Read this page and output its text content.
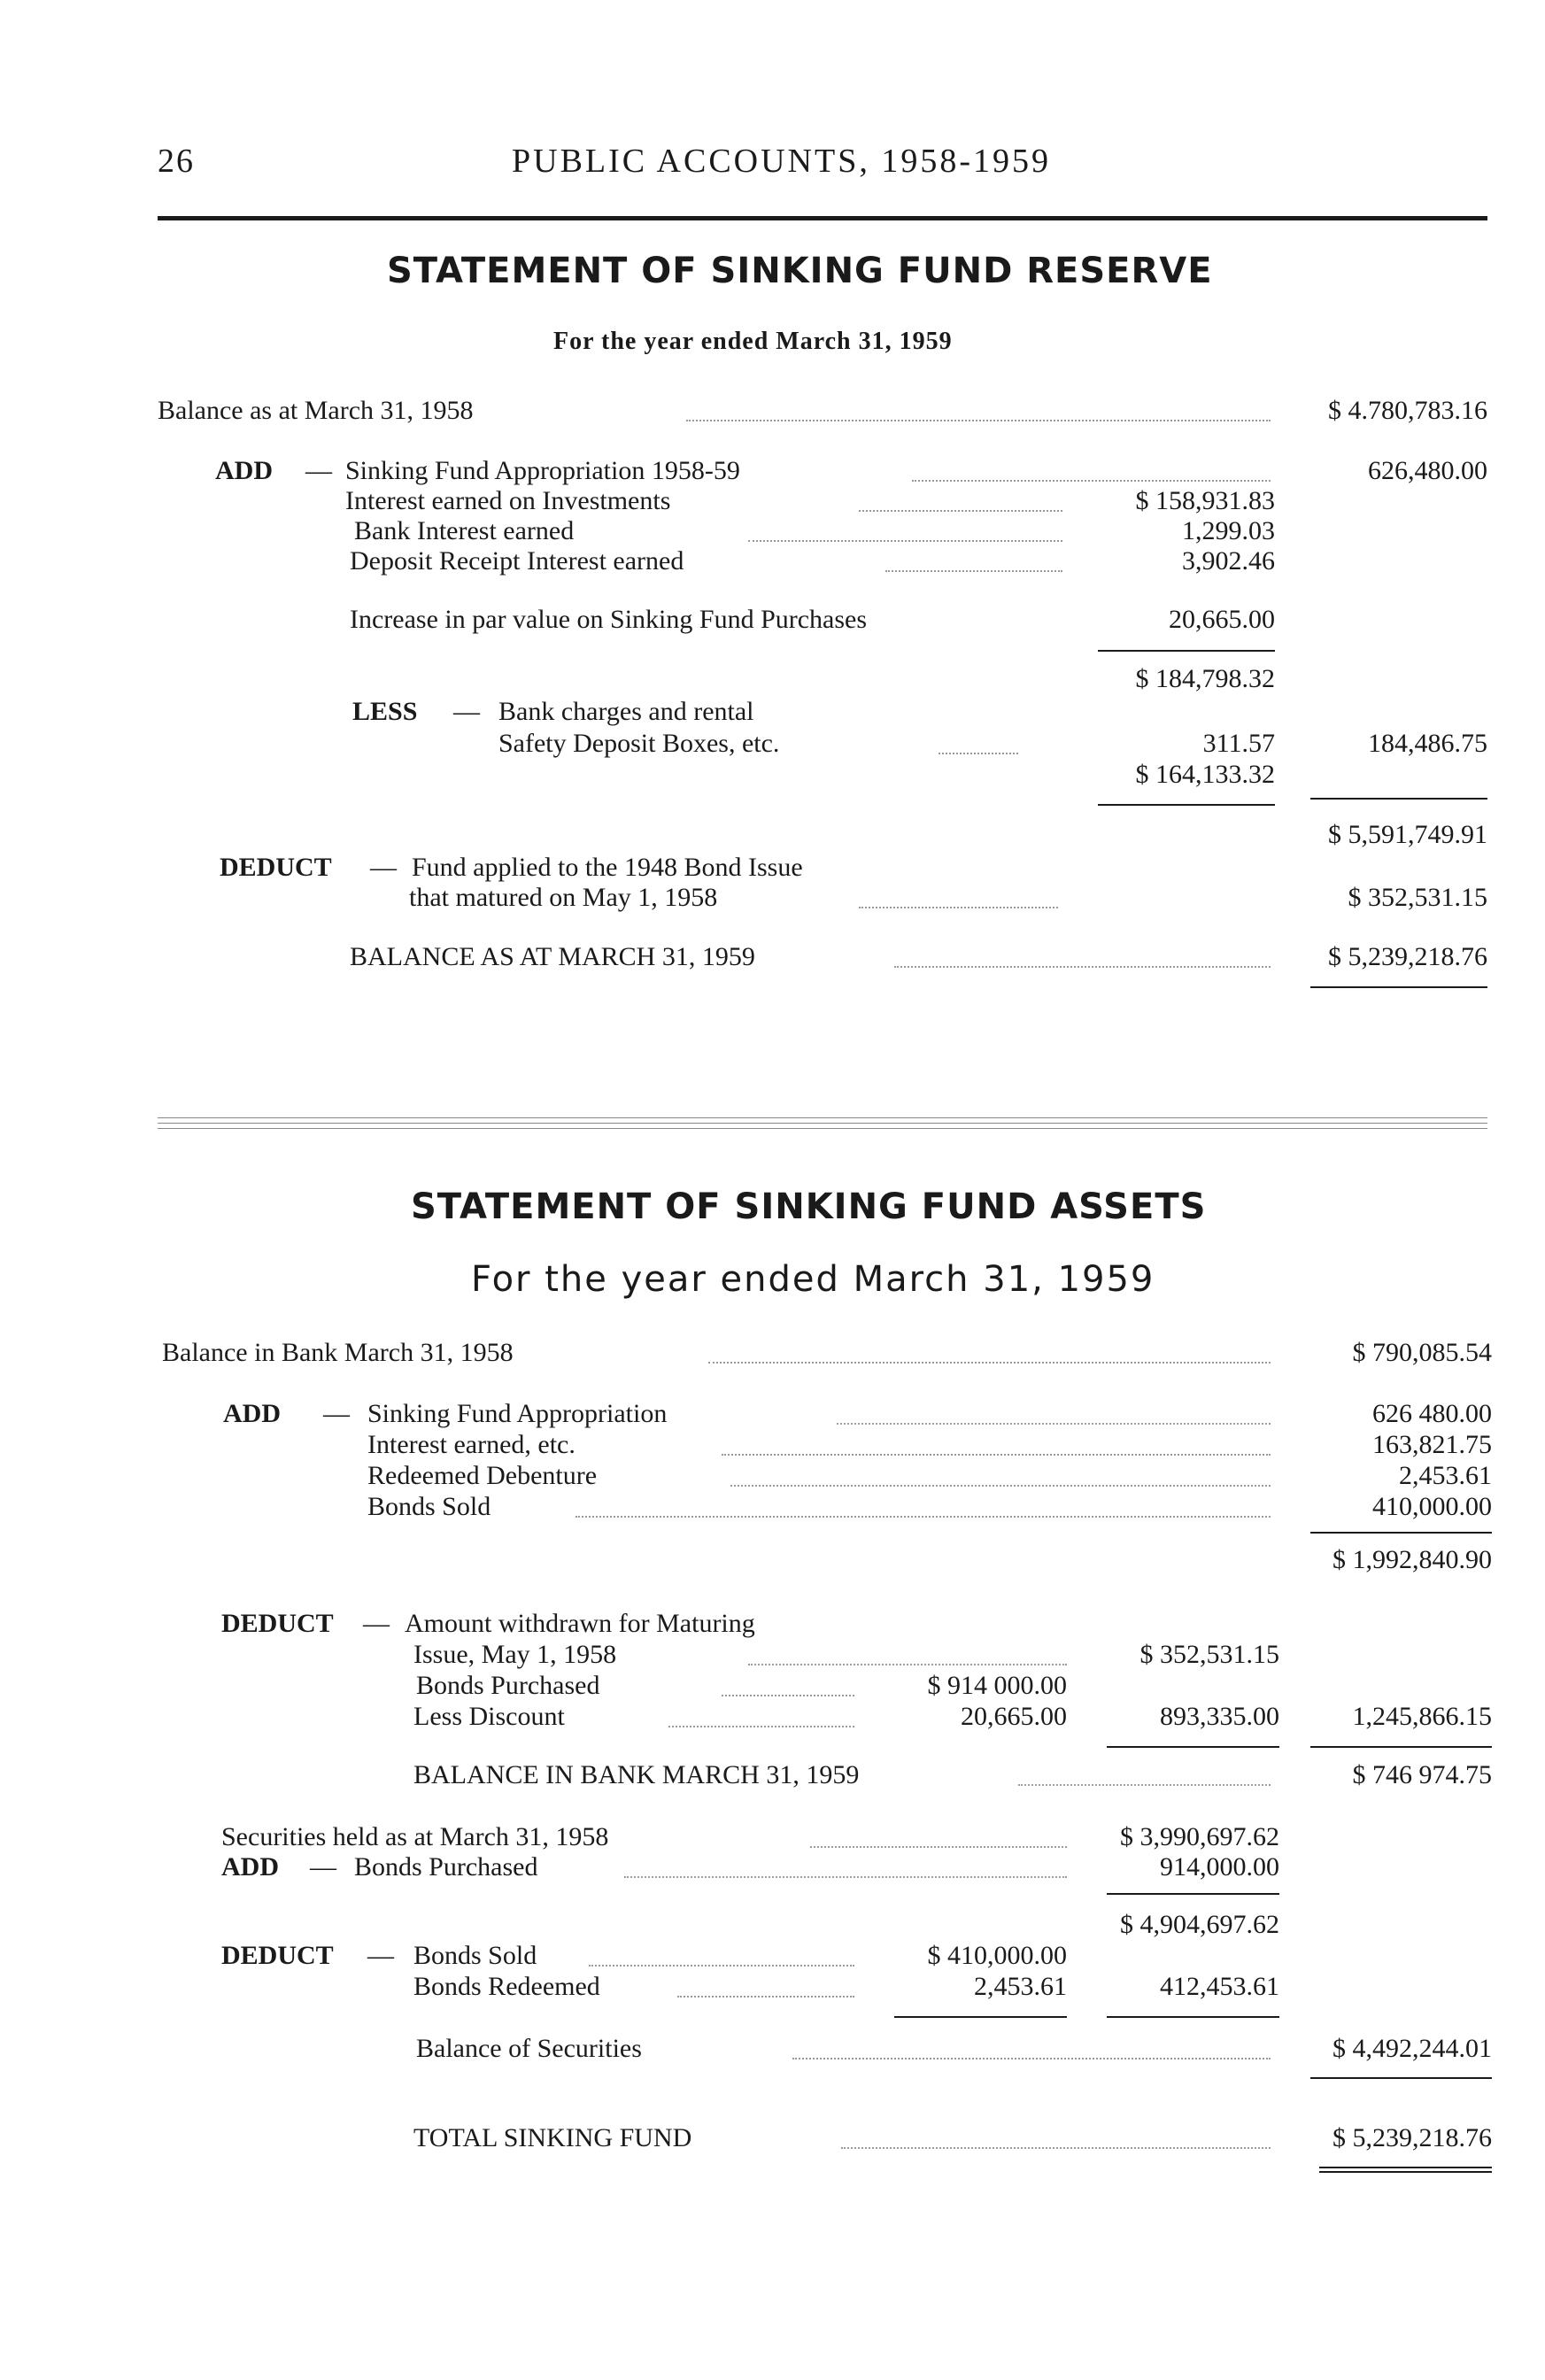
26	PUBLIC ACCOUNTS, 1958-1959
STATEMENT OF SINKING FUND RESERVE
For the year ended March 31, 1959
Balance as at March 31, 1958	$ 4.780,783.16
ADD — Sinking Fund Appropriation 1958-59	626,480.00
Interest earned on Investments	$ 158,931.83
Bank Interest earned	1,299.03
Deposit Receipt Interest earned	3,902.46
Increase in par value on Sinking Fund Purchases	20,665.00
$ 184,798.32
LESS — Bank charges and rental
Safety Deposit Boxes, etc.	311.57	184,486.75
$ 164,133.32
$ 5,591,749.91
DEDUCT — Fund applied to the 1948 Bond Issue
that matured on May 1, 1958	$ 352,531.15
BALANCE AS AT MARCH 31, 1959	$ 5,239,218.76
STATEMENT OF SINKING FUND ASSETS
For the year ended March 31, 1959
Balance in Bank March 31, 1958	$ 790,085.54
ADD — Sinking Fund Appropriation	626 480.00
Interest earned, etc.	163,821.75
Redeemed Debenture	2,453.61
Bonds Sold	410,000.00
$ 1,992,840.90
DEDUCT — Amount withdrawn for Maturing
Issue, May 1, 1958	$ 352,531.15
Bonds Purchased	$ 914 000.00
Less Discount	20,665.00	893,335.00	1,245,866.15
BALANCE IN BANK MARCH 31, 1959	$ 746 974.75
Securities held as at March 31, 1958	$ 3,990,697.62
ADD — Bonds Purchased	914,000.00
$ 4,904,697.62
DEDUCT — Bonds Sold	$ 410,000.00
Bonds Redeemed	2,453.61	412,453.61
Balance of Securities	$ 4,492,244.01
TOTAL SINKING FUND	$ 5,239,218.76
